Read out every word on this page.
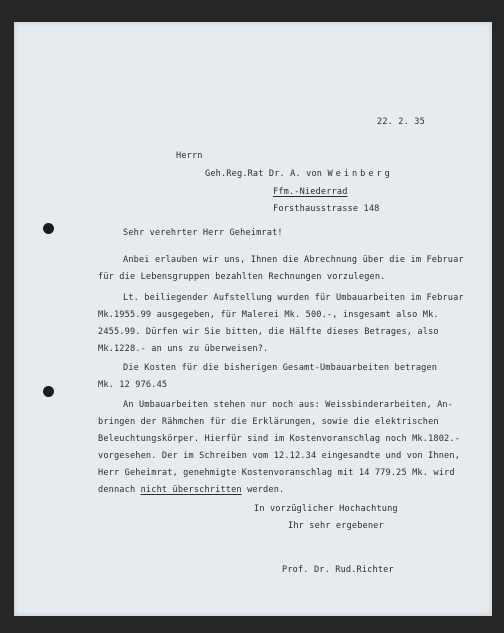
22. 2. 35

Herrn

Geh.Reg.Rat Dr. A. von Weinberg

Ffm.-Niederrad

Forsthausstrasse 148

Sehr verehrter Herr Geheimrat!

Anbei erlauben wir uns, Ihnen die Abrechnung über die im Februar

für die Lebensgruppen bezahlten Rechnungen vorzulegen.

Lt. beiliegender Aufstellung wurden für Umbauarbeiten im Februar

Mk.1955.99 ausgegeben, für Malerei Mk. 500.-, insgesamt also Mk.

2455.99. Dürfen wir Sie bitten, die Hälfte dieses Betrages, also

Mk.1228.- an uns zu überweisen?.

Die Kosten für die bisherigen Gesamt-Umbauarbeiten betragen

Mk. 12 976.45

An Umbauarbeiten stehen nur noch aus: Weissbinderarbeiten, An-

bringen der Rähmchen für die Erklärungen, sowie die elektrischen

Beleuchtungskörper. Hierfür sind im Kostenvoranschlag noch Mk.1802.-

vorgesehen. Der im Schreiben vom 12.12.34 eingesandte und von Ihnen,

Herr Geheimrat, genehmigte Kostenvoranschlag mit 14 779.25 Mk. wird

dennach nicht überschritten werden.

In vorzüglicher Hochachtung

Ihr sehr ergebener

Prof. Dr. Rud.Richter
